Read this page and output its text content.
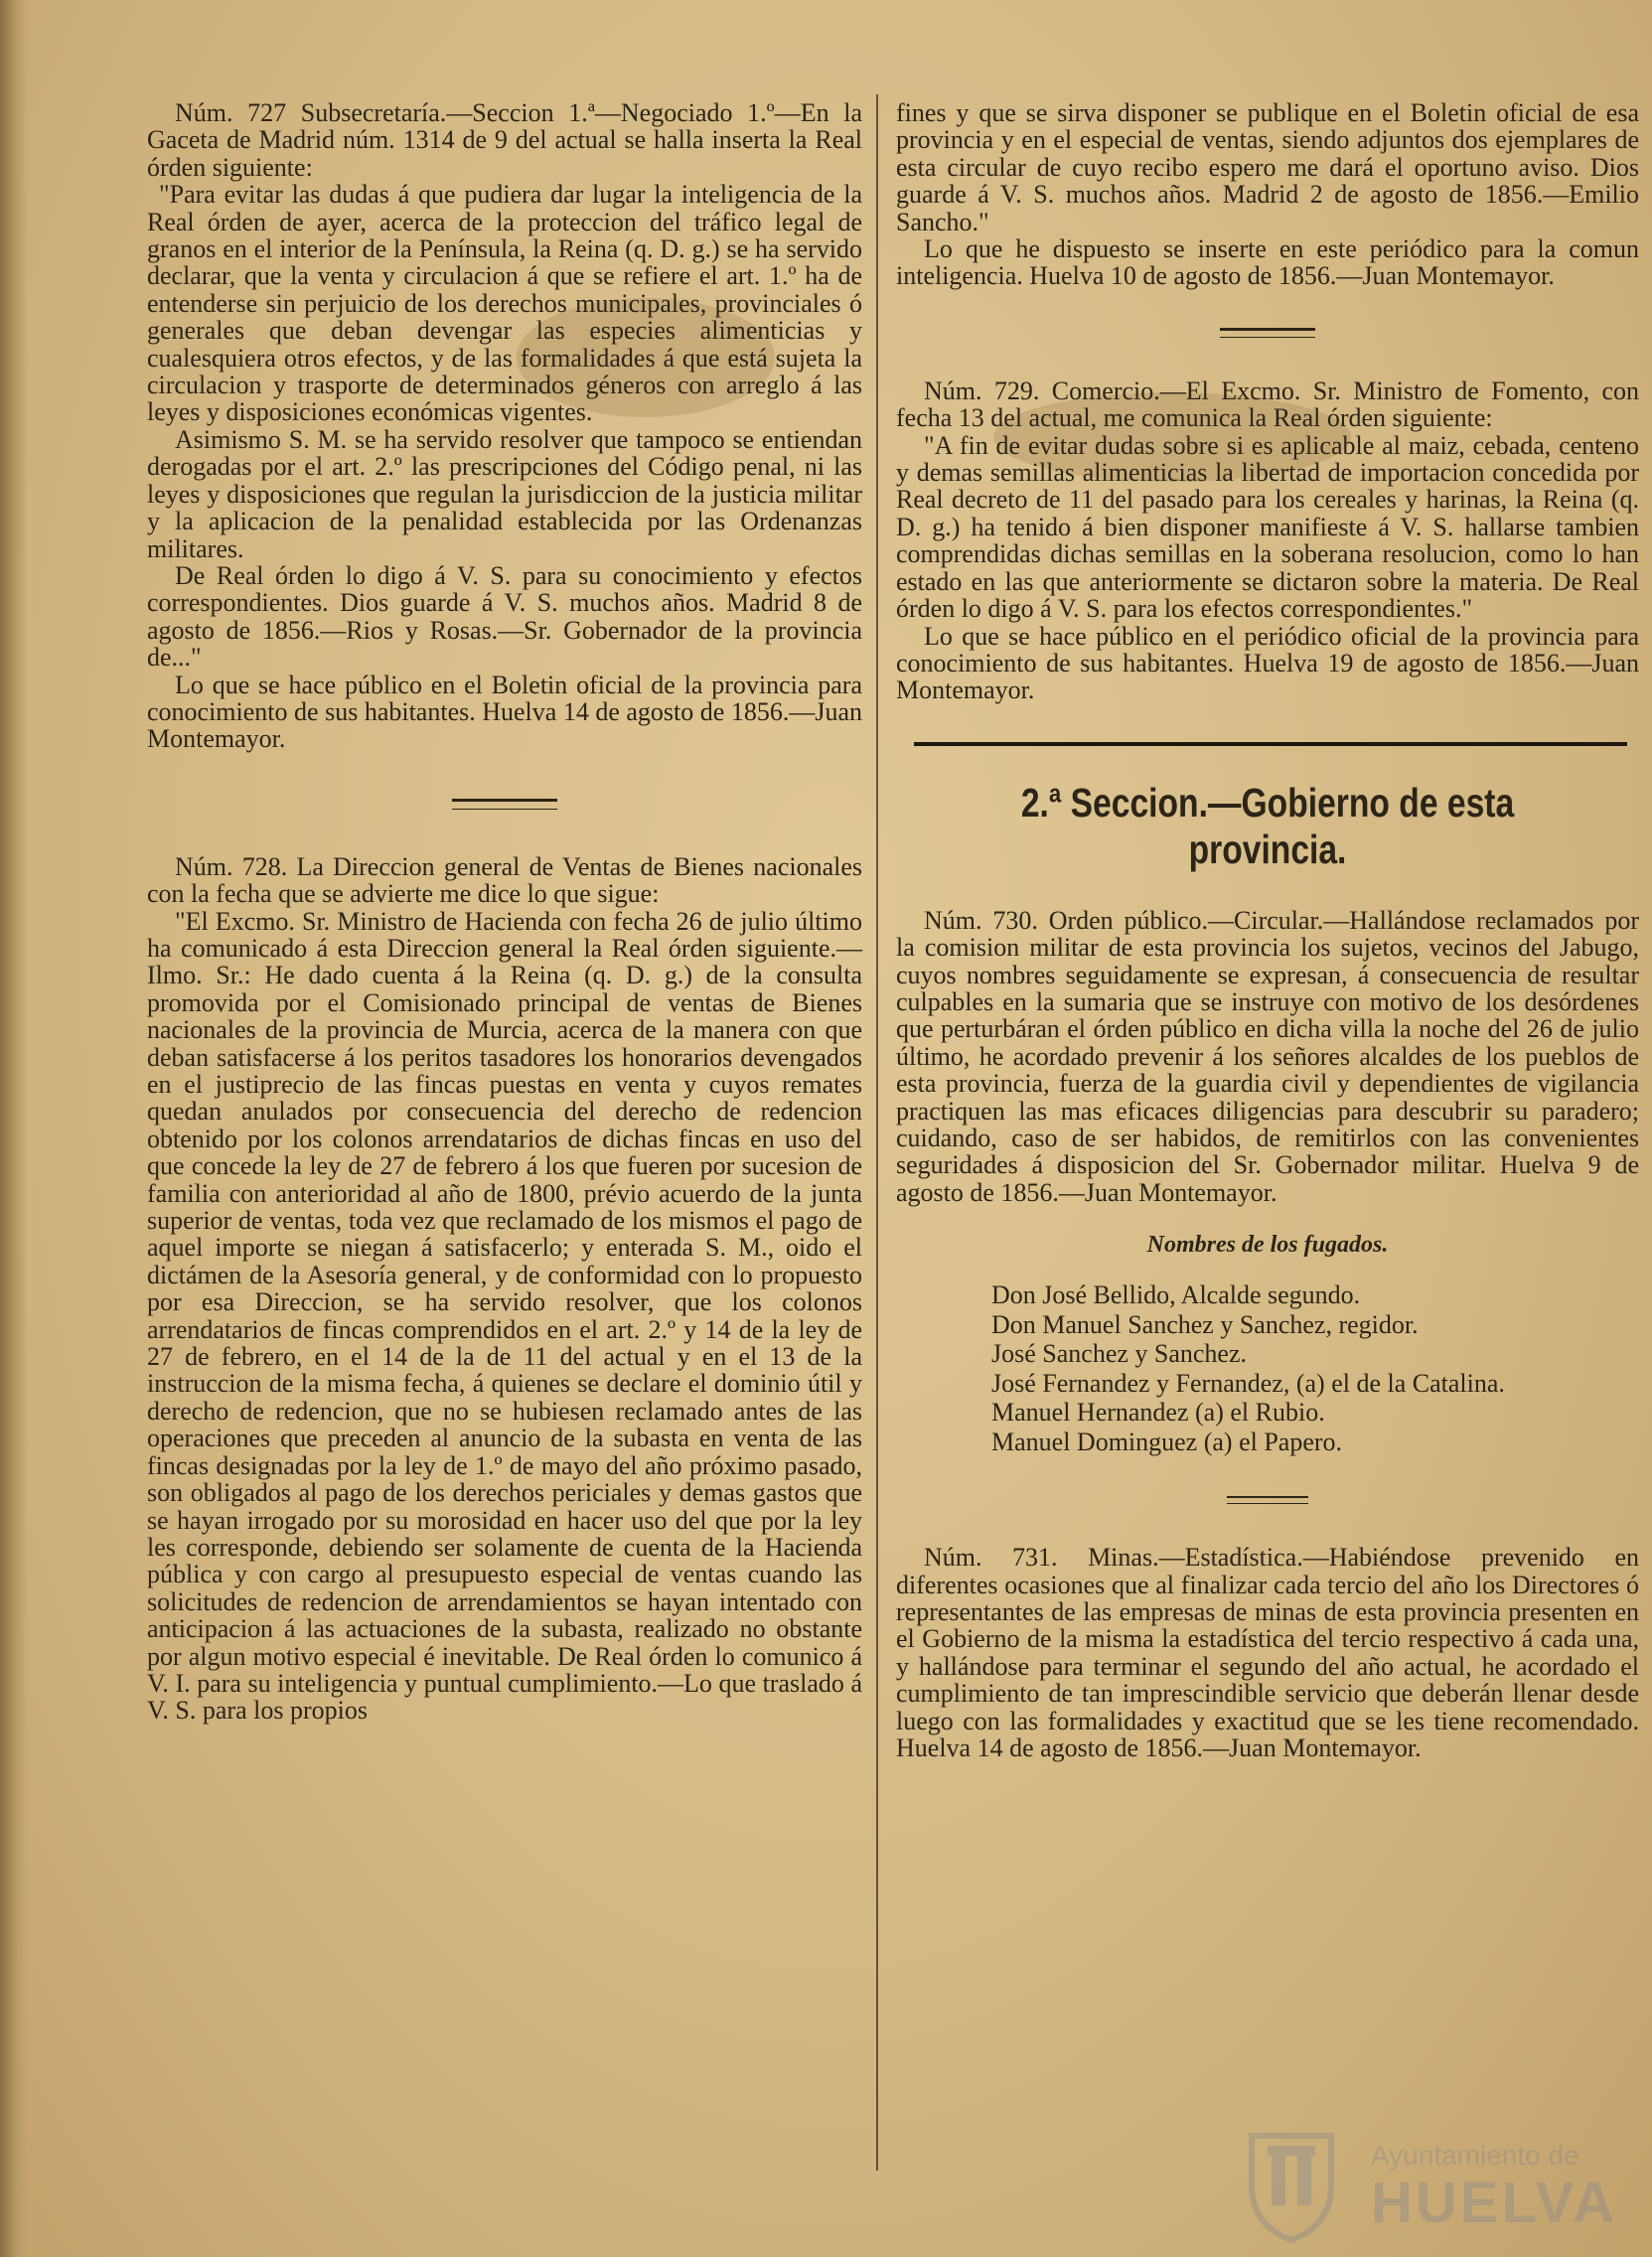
Núm. 727 Subsecretaría.—Seccion 1.ª—Negociado 1.º—En la Gaceta de Madrid núm. 1314 de 9 del actual se halla inserta la Real órden siguiente:

"Para evitar las dudas á que pudiera dar lugar la inteligencia de la Real órden de ayer, acerca de la proteccion del tráfico legal de granos en el interior de la Península, la Reina (q. D. g.) se ha servido declarar, que la venta y circulacion á que se refiere el art. 1.º ha de entenderse sin perjuicio de los derechos municipales, provinciales ó generales que deban devengar las especies alimenticias y cualesquiera otros efectos, y de las formalidades á que está sujeta la circulacion y trasporte de determinados géneros con arreglo á las leyes y disposiciones económicas vigentes.

Asimismo S. M. se ha servido resolver que tampoco se entiendan derogadas por el art. 2.º las prescripciones del Código penal, ni las leyes y disposiciones que regulan la jurisdiccion de la justicia militar y la aplicacion de la penalidad establecida por las Ordenanzas militares.

De Real órden lo digo á V. S. para su conocimiento y efectos correspondientes. Dios guarde á V. S. muchos años. Madrid 8 de agosto de 1856.—Rios y Rosas.—Sr. Gobernador de la provincia de..."

Lo que se hace público en el Boletin oficial de la provincia para conocimiento de sus habitantes. Huelva 14 de agosto de 1856.—Juan Montemayor.

Núm. 728. La Direccion general de Ventas de Bienes nacionales con la fecha que se advierte me dice lo que sigue:

"El Excmo. Sr. Ministro de Hacienda con fecha 26 de julio último ha comunicado á esta Direccion general la Real órden siguiente.—Ilmo. Sr.: He dado cuenta á la Reina (q. D. g.) de la consulta promovida por el Comisionado principal de ventas de Bienes nacionales de la provincia de Murcia, acerca de la manera con que deban satisfacerse á los peritos tasadores los honorarios devengados en el justiprecio de las fincas puestas en venta y cuyos remates quedan anulados por consecuencia del derecho de redencion obtenido por los colonos arrendatarios de dichas fincas en uso del que concede la ley de 27 de febrero á los que fueren por sucesion de familia con anterioridad al año de 1800, prévio acuerdo de la junta superior de ventas, toda vez que reclamado de los mismos el pago de aquel importe se niegan á satisfacerlo; y enterada S. M., oido el dictámen de la Asesoría general, y de conformidad con lo propuesto por esa Direccion, se ha servido resolver, que los colonos arrendatarios de fincas comprendidos en el art. 2.º y 14 de la ley de 27 de febrero, en el 14 de la de 11 del actual y en el 13 de la instruccion de la misma fecha, á quienes se declare el dominio útil y derecho de redencion, que no se hubiesen reclamado antes de las operaciones que preceden al anuncio de la subasta en venta de las fincas designadas por la ley de 1.º de mayo del año próximo pasado, son obligados al pago de los derechos periciales y demas gastos que se hayan irrogado por su morosidad en hacer uso del que por la ley les corresponde, debiendo ser solamente de cuenta de la Hacienda pública y con cargo al presupuesto especial de ventas cuando las solicitudes de redencion de arrendamientos se hayan intentado con anticipacion á las actuaciones de la subasta, realizado no obstante por algun motivo especial é inevitable. De Real órden lo comunico á V. I. para su inteligencia y puntual cumplimiento.—Lo que traslado á V. S. para los propios

fines y que se sirva disponer se publique en el Boletin oficial de esa provincia y en el especial de ventas, siendo adjuntos dos ejemplares de esta circular de cuyo recibo espero me dará el oportuno aviso. Dios guarde á V. S. muchos años. Madrid 2 de agosto de 1856.—Emilio Sancho."

Lo que he dispuesto se inserte en este periódico para la comun inteligencia. Huelva 10 de agosto de 1856.—Juan Montemayor.

Núm. 729. Comercio.—El Excmo. Sr. Ministro de Fomento, con fecha 13 del actual, me comunica la Real órden siguiente:

"A fin de evitar dudas sobre si es aplicable al maiz, cebada, centeno y demas semillas alimenticias la libertad de importacion concedida por Real decreto de 11 del pasado para los cereales y harinas, la Reina (q. D. g.) ha tenido á bien disponer manifieste á V. S. hallarse tambien comprendidas dichas semillas en la soberana resolucion, como lo han estado en las que anteriormente se dictaron sobre la materia. De Real órden lo digo á V. S. para los efectos correspondientes."

Lo que se hace público en el periódico oficial de la provincia para conocimiento de sus habitantes. Huelva 19 de agosto de 1856.—Juan Montemayor.

2.ª Seccion.—Gobierno de esta provincia.

Núm. 730. Orden público.—Circular.—Hallándose reclamados por la comision militar de esta provincia los sujetos, vecinos del Jabugo, cuyos nombres seguidamente se expresan, á consecuencia de resultar culpables en la sumaria que se instruye con motivo de los desórdenes que perturbáran el órden público en dicha villa la noche del 26 de julio último, he acordado prevenir á los señores alcaldes de los pueblos de esta provincia, fuerza de la guardia civil y dependientes de vigilancia practiquen las mas eficaces diligencias para descubrir su paradero; cuidando, caso de ser habidos, de remitirlos con las convenientes seguridades á disposicion del Sr. Gobernador militar. Huelva 9 de agosto de 1856.—Juan Montemayor.

Nombres de los fugados.
Don José Bellido, Alcalde segundo.
Don Manuel Sanchez y Sanchez, regidor.
José Sanchez y Sanchez.
José Fernandez y Fernandez, (a) el de la Catalina.
Manuel Hernandez (a) el Rubio.
Manuel Dominguez (a) el Papero.

Núm. 731. Minas.—Estadística.—Habiéndose prevenido en diferentes ocasiones que al finalizar cada tercio del año los Directores ó representantes de las empresas de minas de esta provincia presenten en el Gobierno de la misma la estadística del tercio respectivo á cada una, y hallándose para terminar el segundo del año actual, he acordado el cumplimiento de tan imprescindible servicio que deberán llenar desde luego con las formalidades y exactitud que se les tiene recomendado. Huelva 14 de agosto de 1856.—Juan Montemayor.

Ayuntamiento de
HUELVA
